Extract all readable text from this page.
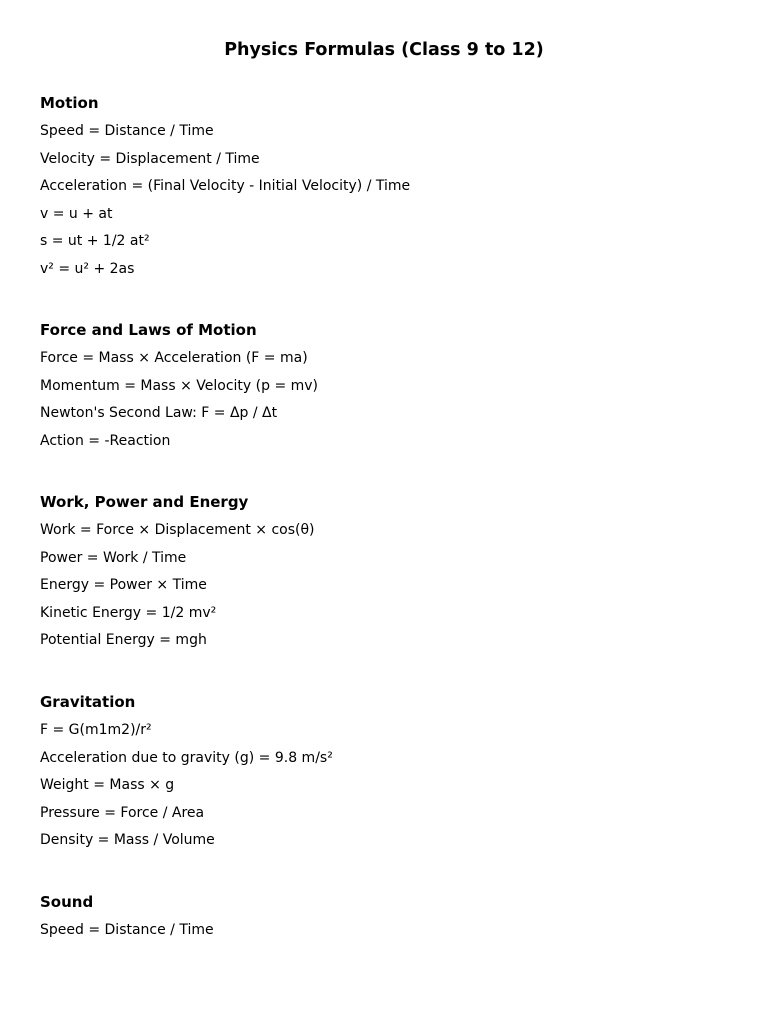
Physics Formulas (Class 9 to 12)
Motion
Speed = Distance / Time
Velocity = Displacement / Time
Acceleration = (Final Velocity - Initial Velocity) / Time
v = u + at
s = ut + 1/2 at²
v² = u² + 2as
Force and Laws of Motion
Force = Mass × Acceleration (F = ma)
Momentum = Mass × Velocity (p = mv)
Newton's Second Law: F = Δp / Δt
Action = -Reaction
Work, Power and Energy
Work = Force × Displacement × cos(θ)
Power = Work / Time
Energy = Power × Time
Kinetic Energy = 1/2 mv²
Potential Energy = mgh
Gravitation
F = G(m1m2)/r²
Acceleration due to gravity (g) = 9.8 m/s²
Weight = Mass × g
Pressure = Force / Area
Density = Mass / Volume
Sound
Speed = Distance / Time
